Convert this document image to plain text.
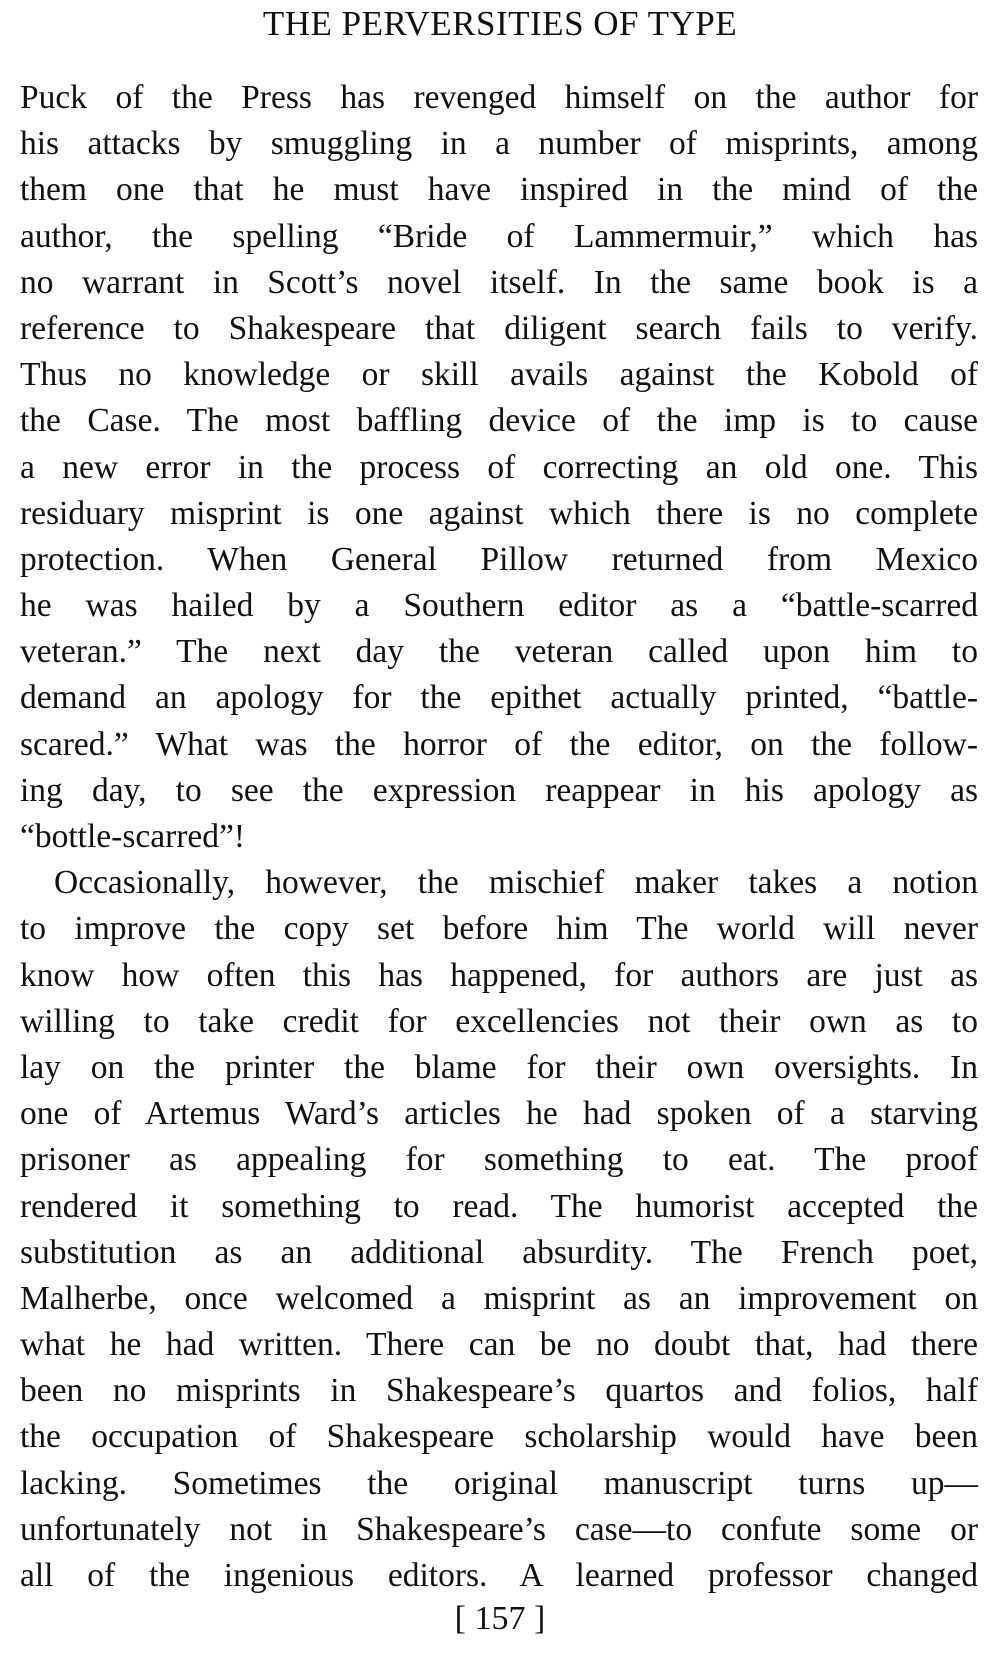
THE PERVERSITIES OF TYPE
Puck of the Press has revenged himself on the author for
his attacks by smuggling in a number of misprints, among
them one that he must have inspired in the mind of the
author, the spelling “Bride of Lammermuir,” which has
no warrant in Scott’s novel itself. In the same book is a
reference to Shakespeare that diligent search fails to verify.
Thus no knowledge or skill avails against the Kobold of
the Case. The most baffling device of the imp is to cause
a new error in the process of correcting an old one. This
residuary misprint is one against which there is no complete
protection. When General Pillow returned from Mexico
he was hailed by a Southern editor as a “battle-scarred
veteran.” The next day the veteran called upon him to
demand an apology for the epithet actually printed, “battle-
scared.” What was the horror of the editor, on the follow-
ing day, to see the expression reappear in his apology as
“bottle-scarred”!
Occasionally, however, the mischief maker takes a notion
to improve the copy set before him The world will never
know how often this has happened, for authors are just as
willing to take credit for excellencies not their own as to
lay on the printer the blame for their own oversights. In
one of Artemus Ward’s articles he had spoken of a starving
prisoner as appealing for something to eat. The proof
rendered it something to read. The humorist accepted the
substitution as an additional absurdity. The French poet,
Malherbe, once welcomed a misprint as an improvement on
what he had written. There can be no doubt that, had there
been no misprints in Shakespeare’s quartos and folios, half
the occupation of Shakespeare scholarship would have been
lacking. Sometimes the original manuscript turns up—
unfortunately not in Shakespeare’s case—to confute some or
all of the ingenious editors. A learned professor changed
[ 157 ]
